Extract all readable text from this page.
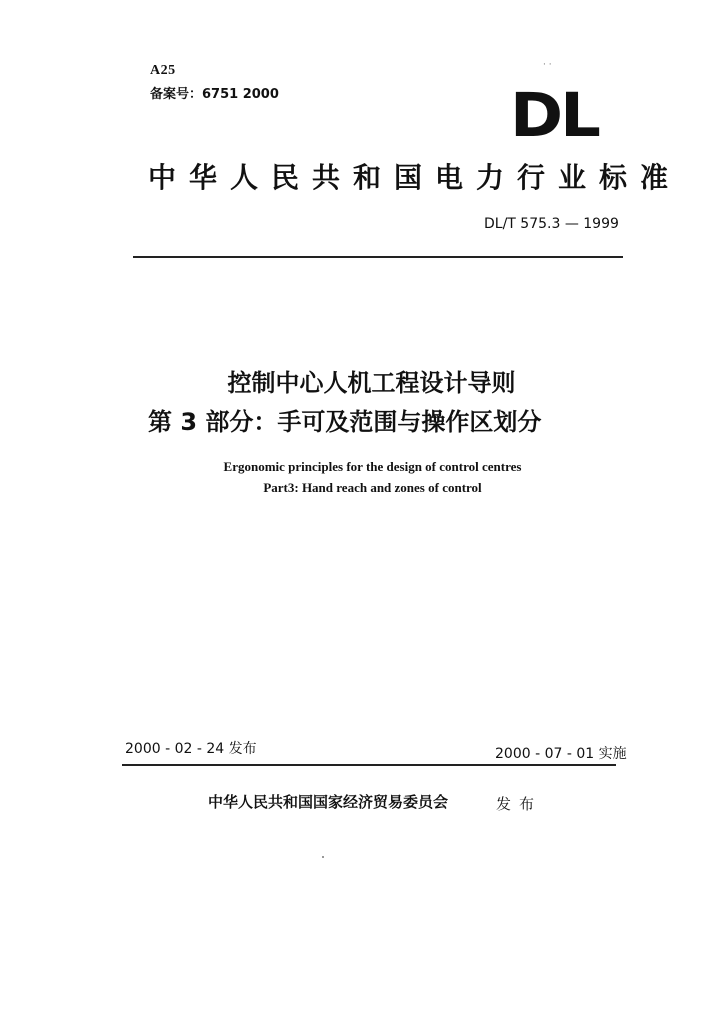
A25
备案号：6751 2000
· ·
DL
中华人民共和国电力行业标准
DL/T 575.3 — 1999
控制中心人机工程设计导则
第 3 部分：手可及范围与操作区划分
Ergonomic principles for the design of control centres
Part3: Hand reach and zones of control
2000 - 02 - 24 发布	2000 - 07 - 01 实施
中华人民共和国国家经济贸易委员会	发布
